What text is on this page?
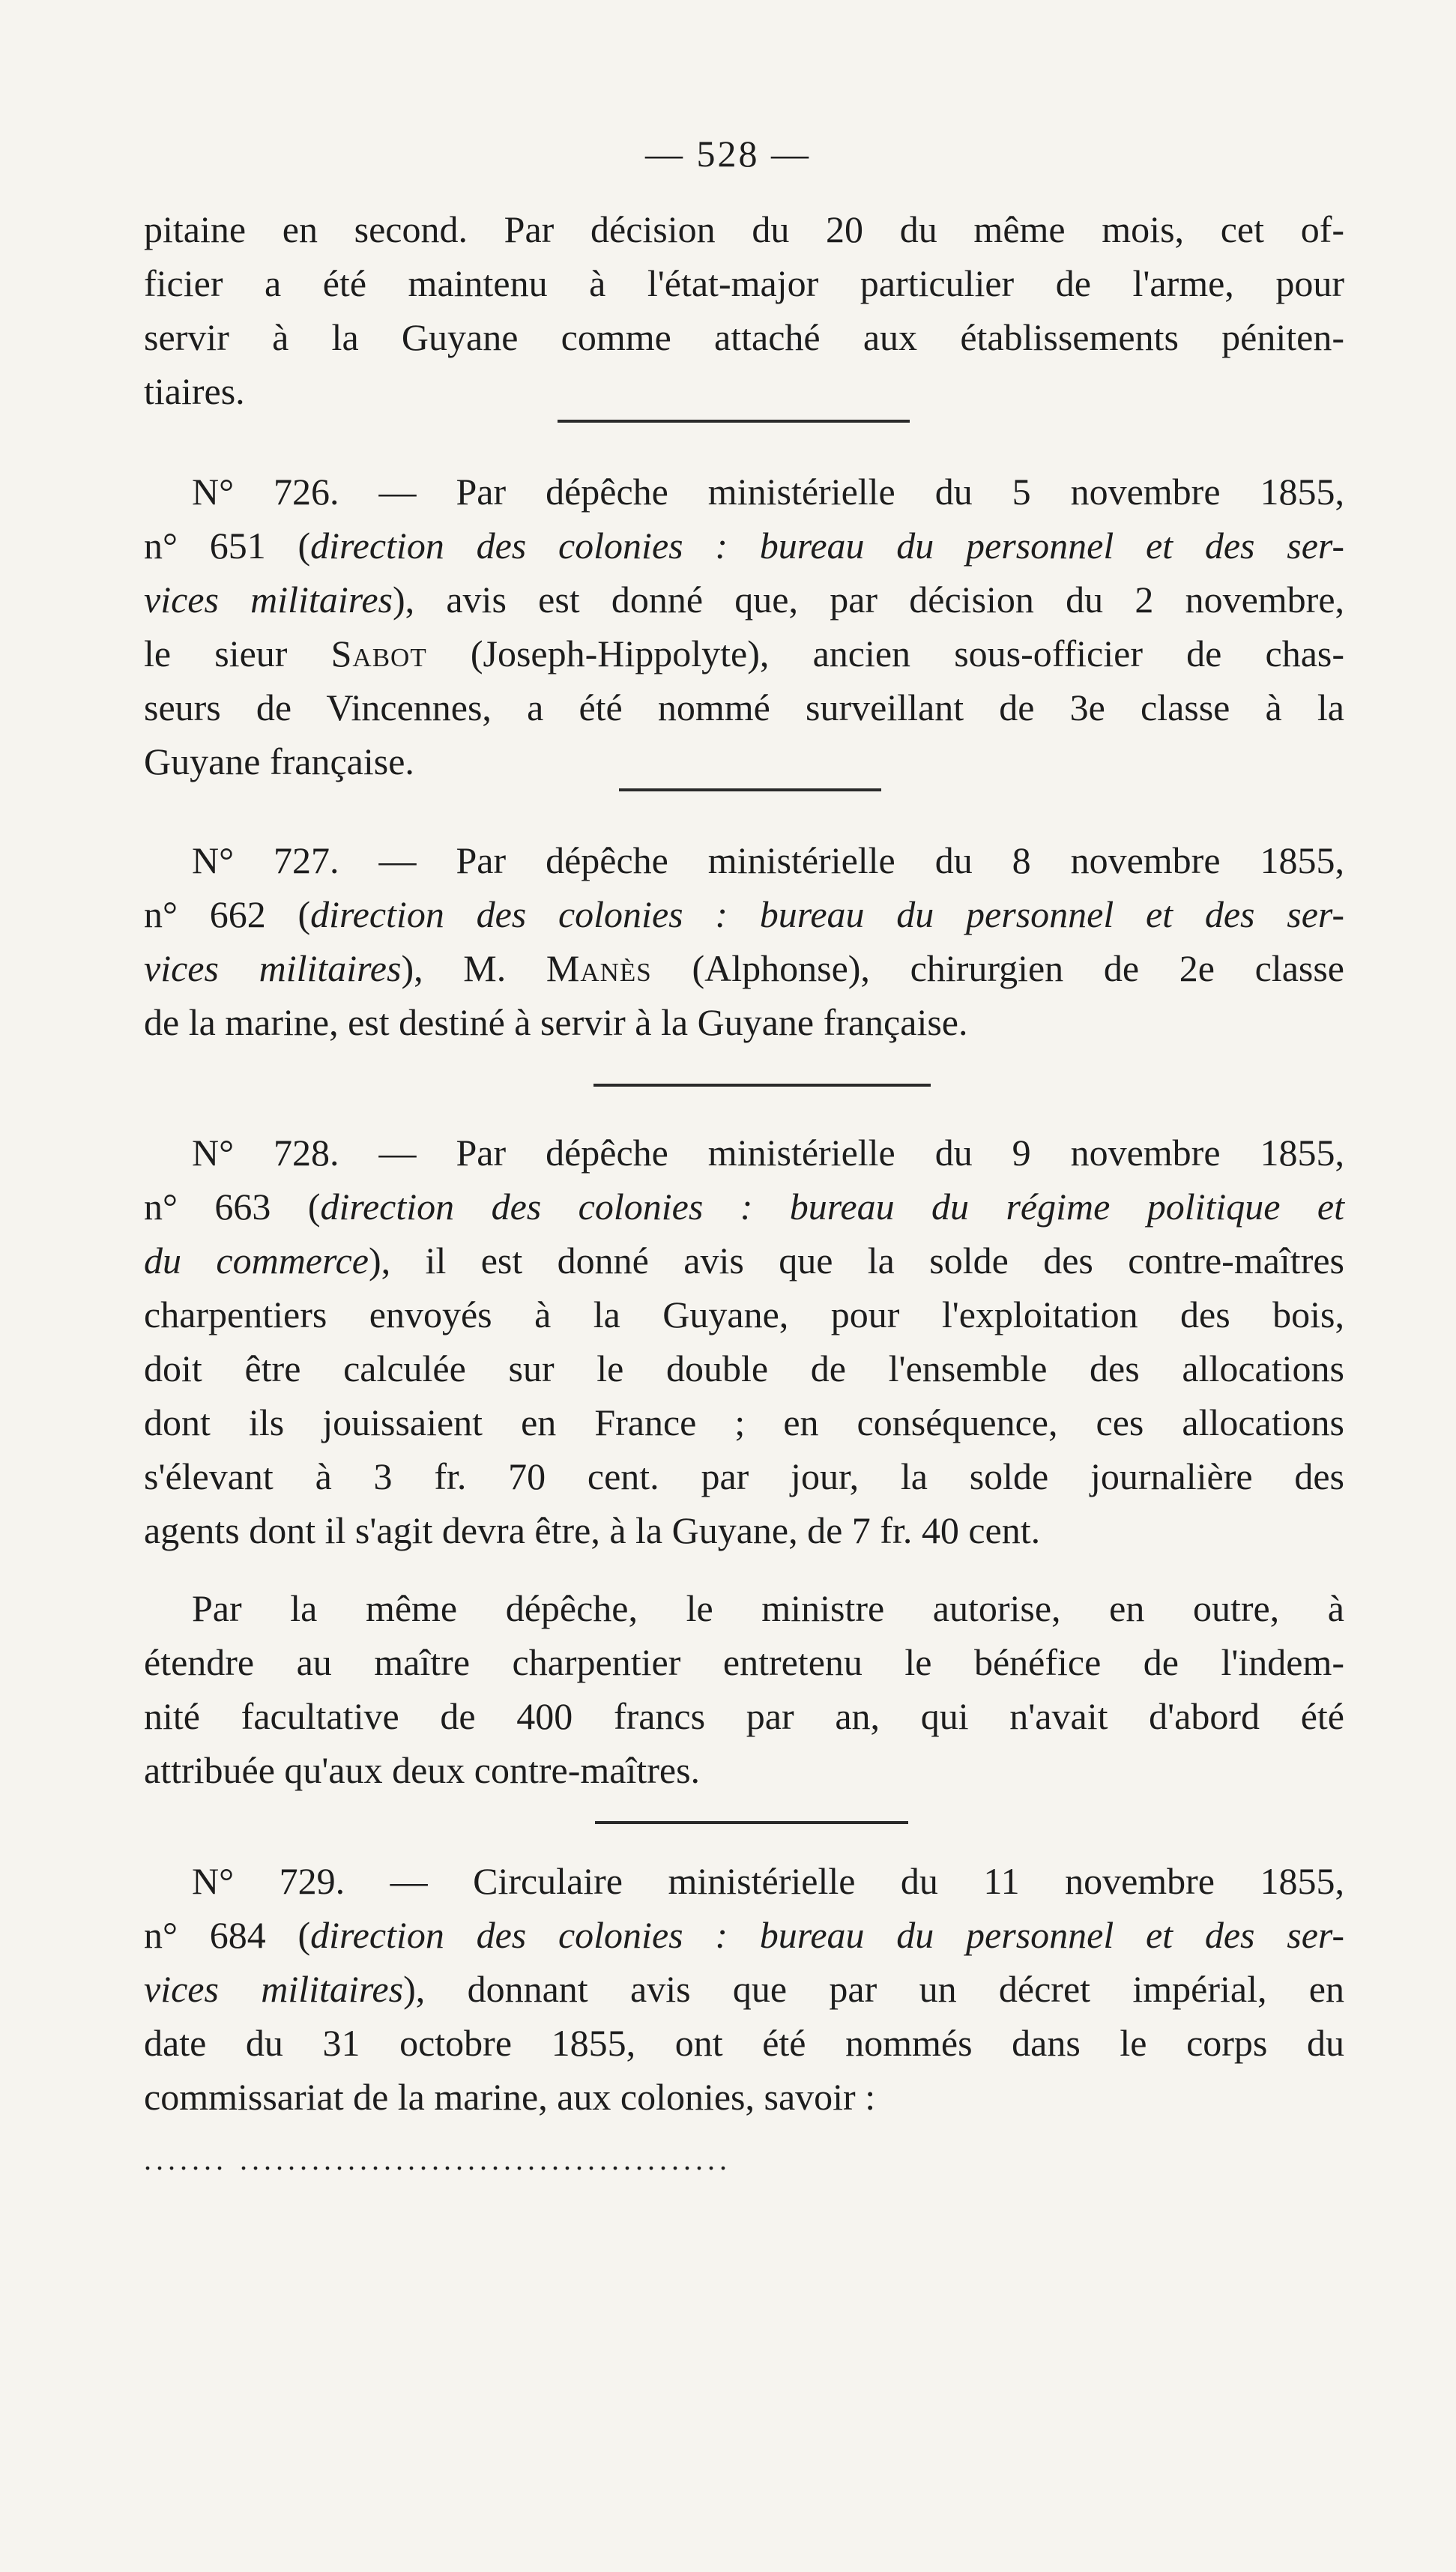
— 528 —
pitaine en second. Par décision du 20 du même mois, cet of-
ficier a été maintenu à l'état-major particulier de l'arme, pour
servir à la Guyane comme attaché aux établissements péniten-
tiaires.
N° 726. — Par dépêche ministérielle du 5 novembre 1855,
n° 651 (direction des colonies : bureau du personnel et des ser-
vices militaires), avis est donné que, par décision du 2 novembre,
le sieur Sabot (Joseph-Hippolyte), ancien sous-officier de chas-
seurs de Vincennes, a été nommé surveillant de 3e classe à la
Guyane française.
N° 727. — Par dépêche ministérielle du 8 novembre 1855,
n° 662 (direction des colonies : bureau du personnel et des ser-
vices militaires), M. Manès (Alphonse), chirurgien de 2e classe
de la marine, est destiné à servir à la Guyane française.
N° 728. — Par dépêche ministérielle du 9 novembre 1855,
n° 663 (direction des colonies : bureau du régime politique et
du commerce), il est donné avis que la solde des contre-maîtres
charpentiers envoyés à la Guyane, pour l'exploitation des bois,
doit être calculée sur le double de l'ensemble des allocations
dont ils jouissaient en France ; en conséquence, ces allocations
s'élevant à 3 fr. 70 cent. par jour, la solde journalière des
agents dont il s'agit devra être, à la Guyane, de 7 fr. 40 cent.
Par la même dépêche, le ministre autorise, en outre, à
étendre au maître charpentier entretenu le bénéfice de l'indem-
nité facultative de 400 francs par an, qui n'avait d'abord été
attribuée qu'aux deux contre-maîtres.
N° 729. — Circulaire ministérielle du 11 novembre 1855,
n° 684 (direction des colonies : bureau du personnel et des ser-
vices militaires), donnant avis que par un décret impérial, en
date du 31 octobre 1855, ont été nommés dans le corps du
commissariat de la marine, aux colonies, savoir :
....... .........................................
